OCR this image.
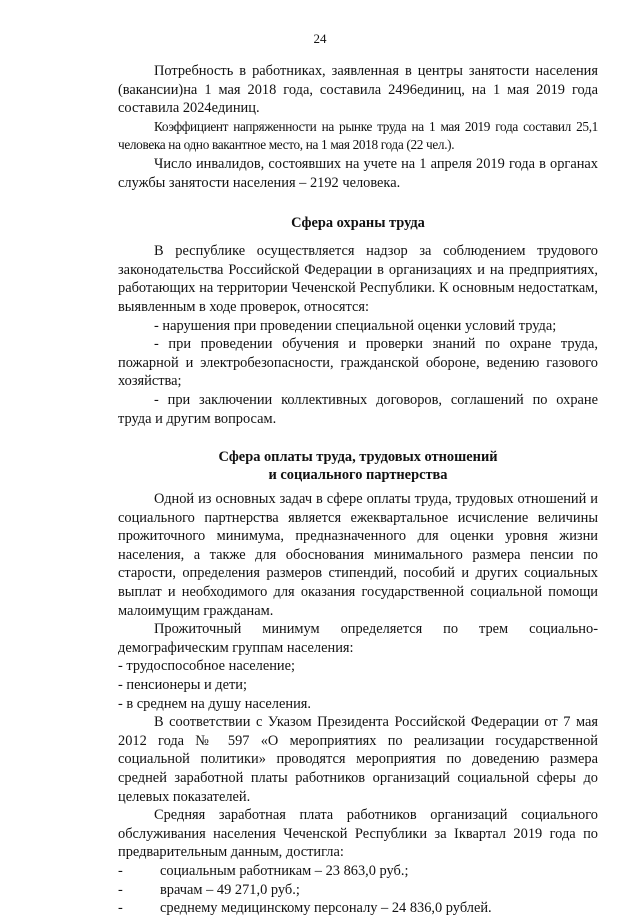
24

Потребность в работниках, заявленная в центры занятости населения (вакансии)на 1 мая 2018 года, составила 2496единиц, на 1 мая 2019 года составила 2024единиц.

Коэффициент напряженности на рынке труда на 1 мая 2019 года составил 25,1 человека на одно вакантное место, на 1 мая 2018 года (22 чел.).

Число инвалидов, состоявших на учете на 1 апреля 2019 года в органах службы занятости населения – 2192 человека.

Сфера охраны труда

В республике осуществляется надзор за соблюдением трудового законодательства Российской Федерации в организациях и на предприятиях, работающих на территории Чеченской Республики. К основным недостаткам, выявленным в ходе проверок, относятся:

- нарушения при проведении специальной оценки условий труда;

- при проведении обучения и проверки знаний по охране труда, пожарной и электробезопасности, гражданской обороне, ведению газового хозяйства;

- при заключении коллективных договоров, соглашений по охране труда и другим вопросам.

Сфера оплаты труда, трудовых отношений
и социального партнерства

Одной из основных задач в сфере оплаты труда, трудовых отношений и социального партнерства является ежеквартальное исчисление величины прожиточного минимума, предназначенного для оценки уровня жизни населения, а также для обоснования минимального размера пенсии по старости, определения размеров стипендий, пособий и других социальных выплат и необходимого для оказания государственной социальной помощи малоимущим гражданам.

Прожиточный минимум определяется по трем социально-демографическим группам населения:

- трудоспособное население;

- пенсионеры и дети;

- в среднем на душу населения.

В соответствии с Указом Президента Российской Федерации от 7 мая 2012 года № 597 «О мероприятиях по реализации государственной социальной политики» проводятся мероприятия по доведению размера средней заработной платы работников организаций социальной сферы до целевых показателей.

Средняя заработная плата работников организаций социального обслуживания населения Чеченской Республики за Iквартал 2019 года по предварительным данным, достигла:

-	социальным работникам – 23 863,0 руб.;
-	врачам – 49 271,0 руб.;
-	среднему медицинскому персоналу – 24 836,0 рублей.
